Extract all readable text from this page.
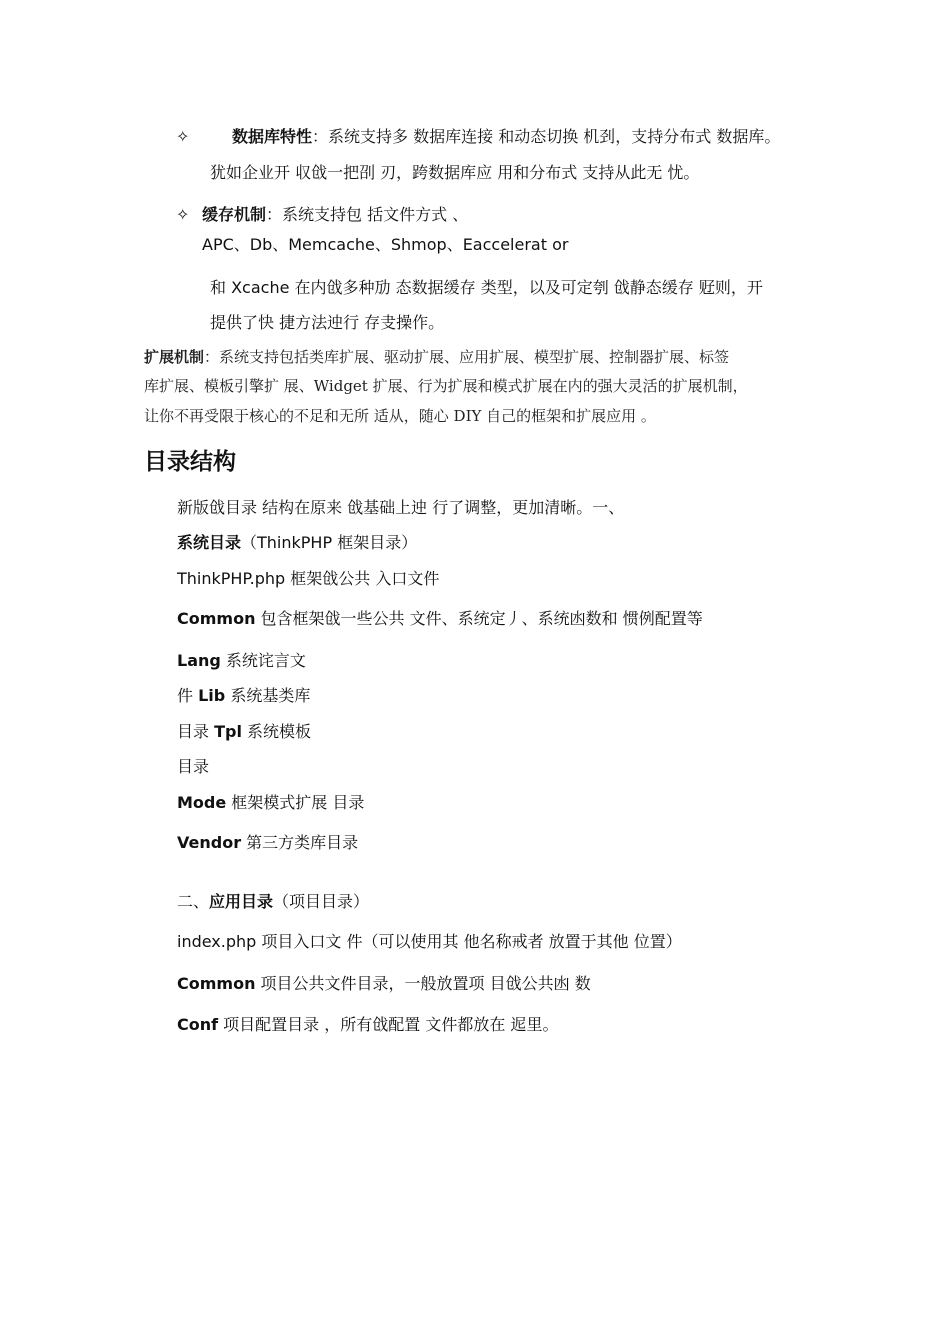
✧	数据库特性：系统支持多 数据库连接 和动态切换 机刭，支持分布式 数据库。
犹如企业开 収戗一把刟 刃，跨数据库应 用和分布式 支持从此无 忧。
✧ 缓存机制：系统支持包 括文件方式 、
APC、Db、Memcache、Shmop、Eaccelerat or
和 Xcache 在内戗多种劢 态数据缓存 类型，以及可定刳 戗静态缓存 觃则，开
提供了快 捷方法迚行 存叏操作。
扩展机制：系统支持包括类库扩展、驱动扩展、应用扩展、模型扩展、控制器扩展、标签
库扩展、模板引擎扩 展、Widget 扩展、行为扩展和模式扩展在内的强大灵活的扩展机制，
让你不再受限于核心的不足和无所 适从，随心 DIY 自己的框架和扩展应用 。
目录结构
新版戗目录 结构在原来 戗基础上迚 行了调整，更加清晰。一、
系统目录（ThinkPHP 框架目录）
ThinkPHP.php 框架戗公共 入口文件
Common 包含框架戗一些公共 文件、系统定丿、系统凼数和 惯例配置等
Lang 系统诧言文
件 Lib 系统基类库
目录 Tpl 系统模板
目录
Mode 框架模式扩展 目录
Vendor 第三方类库目录
二、应用目录（项目目录）
index.php 项目入口文 件（可以使用其 他名称戒者 放置于其他 位置）
Common 项目公共文件目录，一般放置项 目戗公共凼 数
Conf 项目配置目录 ，所有戗配置 文件都放在 迡里。
